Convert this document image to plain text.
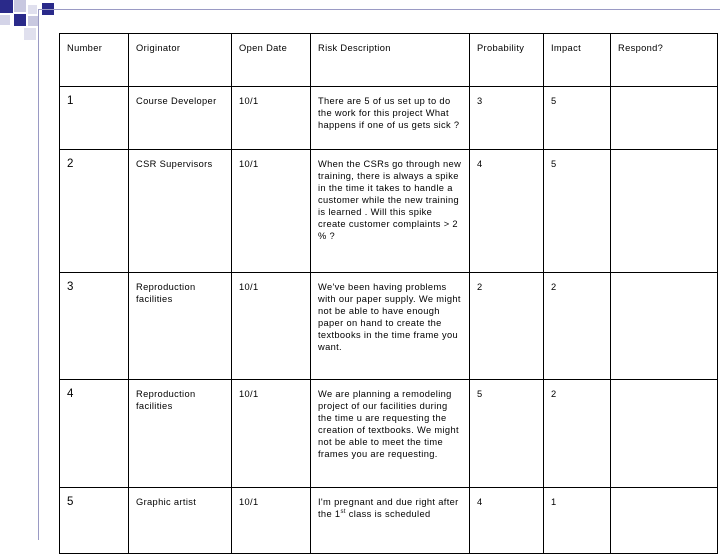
Number	Originator	Open Date	Risk Description	Probability	Impact	Respond?
1	Course Developer	10/1	There are 5 of us set up to do the work for this project What happens if one of us gets sick ?	3	5	
2	CSR Supervisors	10/1	When the CSRs go through new training, there is always a spike in the time it takes to handle a customer while the new training is learned . Will this spike create customer complaints > 2 % ?	4	5	
3	Reproduction facilities	10/1	We've been having problems with our paper supply. We might not be able to have enough paper on hand to create the textbooks in the time frame you want.	2	2	
4	Reproduction facilities	10/1	We are planning a remodeling project of our facilities during the time u are requesting the creation of textbooks. We might not be able to meet the time frames you are requesting.	5	2	
5	Graphic artist	10/1	I'm pregnant and due right after the 1st class is scheduled	4	1	
